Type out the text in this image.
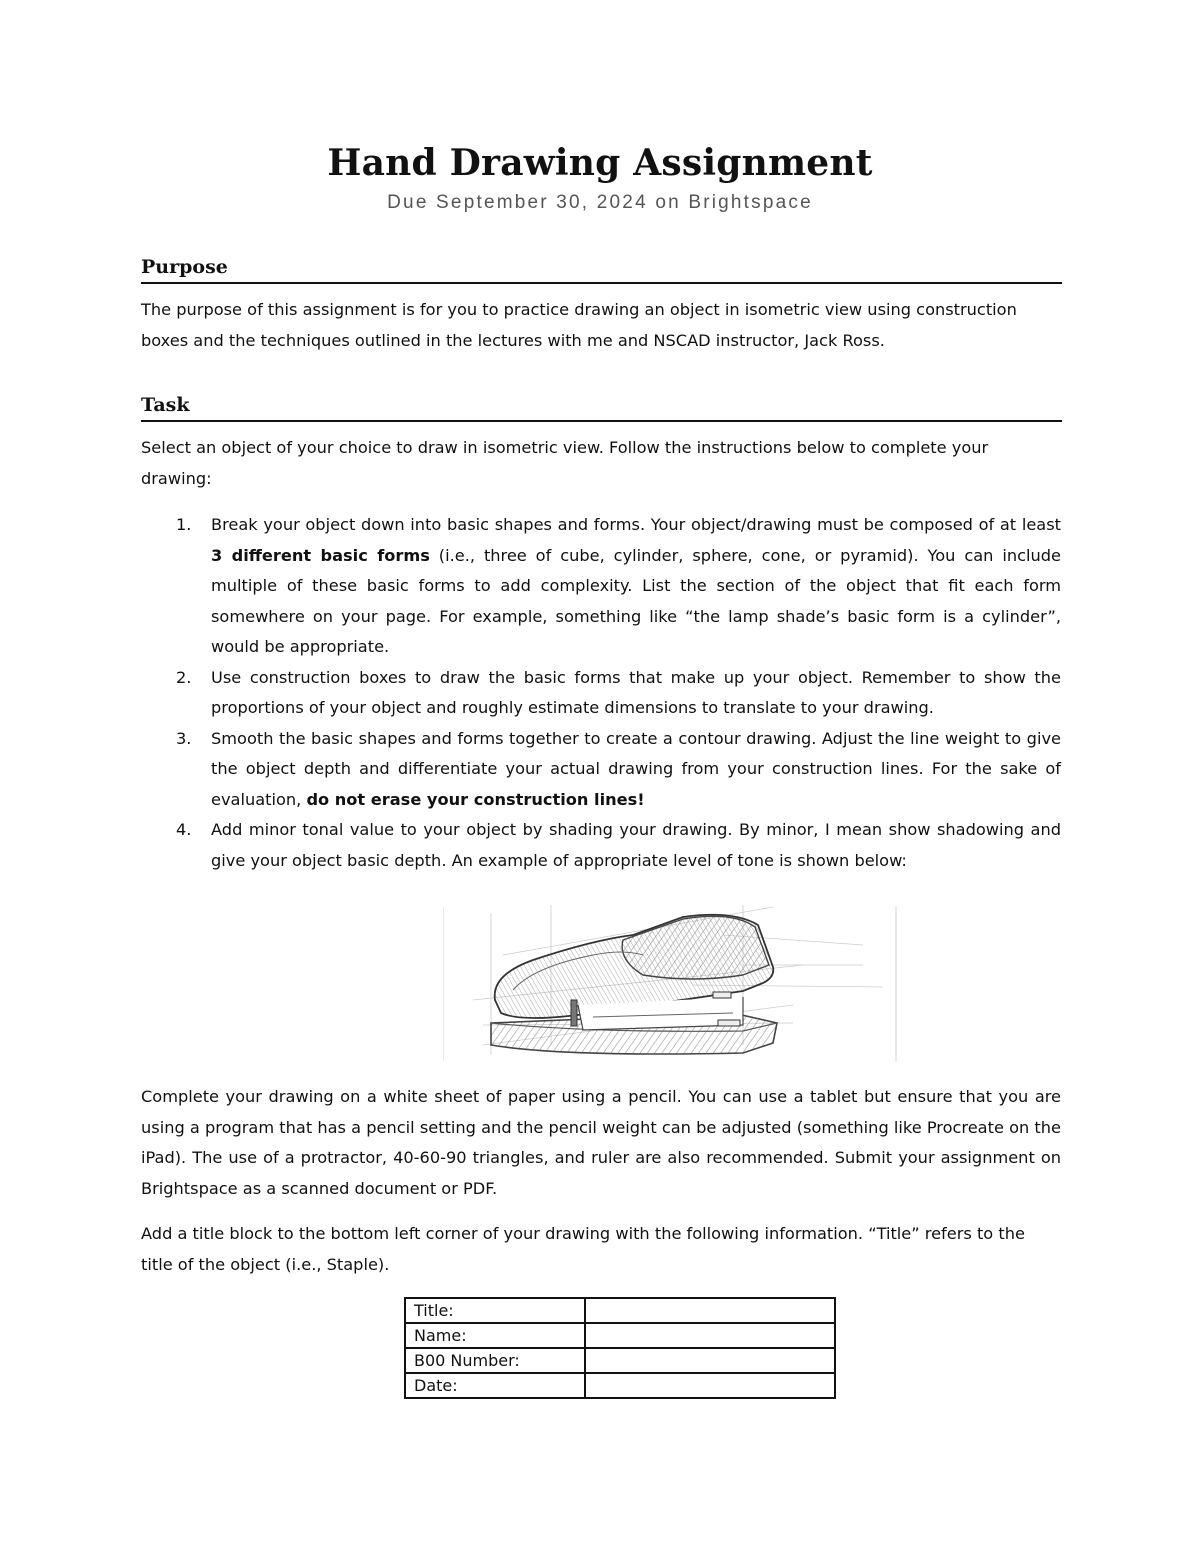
Hand Drawing Assignment
Due September 30, 2024 on Brightspace
Purpose

The purpose of this assignment is for you to practice drawing an object in isometric view using construction boxes and the techniques outlined in the lectures with me and NSCAD instructor, Jack Ross.

Task

Select an object of your choice to draw in isometric view. Follow the instructions below to complete your drawing:

1. Break your object down into basic shapes and forms. Your object/drawing must be composed of at least 3 different basic forms (i.e., three of cube, cylinder, sphere, cone, or pyramid). You can include multiple of these basic forms to add complexity. List the section of the object that fit each form somewhere on your page. For example, something like “the lamp shade’s basic form is a cylinder”, would be appropriate.
2. Use construction boxes to draw the basic forms that make up your object. Remember to show the proportions of your object and roughly estimate dimensions to translate to your drawing.
3. Smooth the basic shapes and forms together to create a contour drawing. Adjust the line weight to give the object depth and differentiate your actual drawing from your construction lines. For the sake of evaluation, do not erase your construction lines!
4. Add minor tonal value to your object by shading your drawing. By minor, I mean show shadowing and give your object basic depth. An example of appropriate level of tone is shown below:

Complete your drawing on a white sheet of paper using a pencil. You can use a tablet but ensure that you are using a program that has a pencil setting and the pencil weight can be adjusted (something like Procreate on the iPad). The use of a protractor, 40-60-90 triangles, and ruler are also recommended. Submit your assignment on Brightspace as a scanned document or PDF.

Add a title block to the bottom left corner of your drawing with the following information. “Title” refers to the title of the object (i.e., Staple).

Title:	
Name:	
B00 Number:	
Date:	
